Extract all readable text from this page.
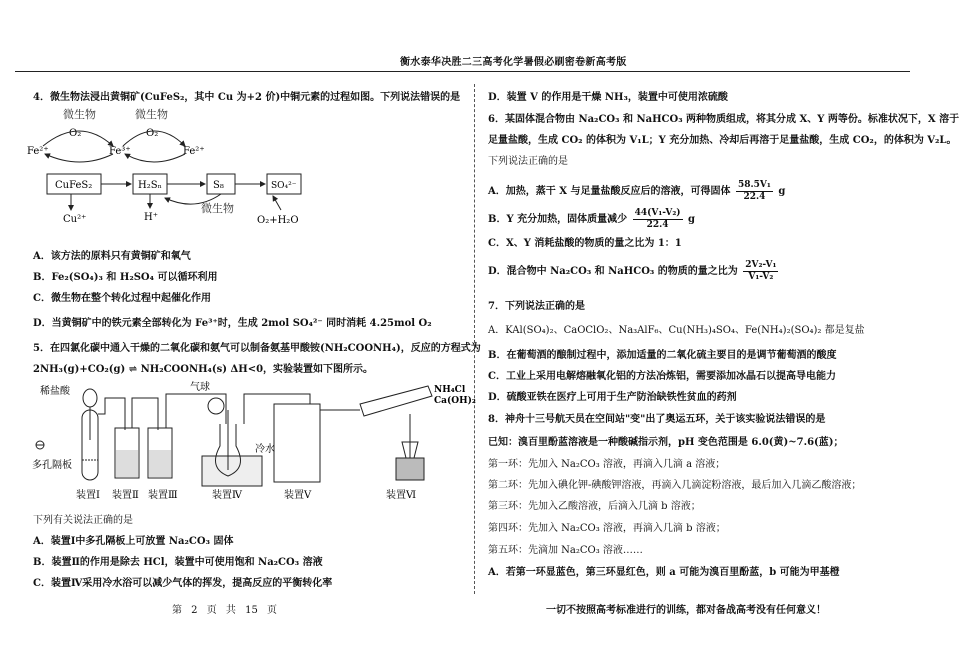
衡水泰华决胜二三高考化学暑假必刷密卷新高考版
4．微生物法浸出黄铜矿(CuFeS₂，其中 Cu 为+2 价)中铜元素的过程如图。下列说法错误的是
微生物	微生物
O₂	O₂
Fe²⁺	Fe³⁺	Fe²⁺
CuFeS₂	H₂Sₙ	S₈	SO₄²⁻
Cu²⁺	H⁺
微生物
O₂+H₂O
A．该方法的原料只有黄铜矿和氧气
B．Fe₂(SO₄)₃ 和 H₂SO₄ 可以循环利用
C．微生物在整个转化过程中起催化作用
D．当黄铜矿中的铁元素全部转化为 Fe³⁺时，生成 2mol SO₄²⁻ 同时消耗 4.25mol O₂
5．在四氯化碳中通入干燥的二氧化碳和氨气可以制备氨基甲酸铵(NH₂COONH₄)，反应的方程式为
2NH₃(g)+CO₂(g) ⇌ NH₂COONH₄(s) ΔH<0，实验装置如下图所示。
稀盐酸
多孔隔板
气球
冷水
NH₄Cl
Ca(OH)₂
装置Ⅰ 装置Ⅱ 装置Ⅲ	装置Ⅳ	装置Ⅴ	装置Ⅵ
下列有关说法正确的是
A．装置Ⅰ中多孔隔板上可放置 Na₂CO₃ 固体
B．装置Ⅱ的作用是除去 HCl，装置中可使用饱和 Na₂CO₃ 溶液
C．装置Ⅳ采用冷水浴可以减少气体的挥发，提高反应的平衡转化率
D．装置 V 的作用是干燥 NH₃，装置中可使用浓硫酸
6．某固体混合物由 Na₂CO₃ 和 NaHCO₃ 两种物质组成，将其分成 X、Y 两等份。标准状况下，X 溶于
足量盐酸，生成 CO₂ 的体积为 V₁L；Y 充分加热、冷却后再溶于足量盐酸，生成 CO₂，的体积为 V₂L。
下列说法正确的是
A．加热，蒸干 X 与足量盐酸反应后的溶液，可得固体 $\frac{\text{58.5V₁}}{22.4}$ g
B．Y 充分加热，固体质量减少 $\frac{\text{44(V₁-V₂)}}{22.4}$ g
C．X、Y 消耗盐酸的物质的量之比为 1：1
D．混合物中 Na₂CO₃ 和 NaHCO₃ 的物质的量之比为 $\frac{\text{2V₂-V₁}}{\text{V₁-V₂}}$
7．下列说法正确的是
A．KAl(SO₄)₂、CaOClO₂、Na₃AlF₆、Cu(NH₃)₄SO₄、Fe(NH₄)₂(SO₄)₂ 都是复盐
B．在葡萄酒的酿制过程中，添加适量的二氧化硫主要目的是调节葡萄酒的酸度
C．工业上采用电解熔融氧化铝的方法冶炼铝，需要添加冰晶石以提高导电能力
D．硫酸亚铁在医疗上可用于生产防治缺铁性贫血的药剂
8．神舟十三号航天员在空间站"变"出了奥运五环，关于该实验说法错误的是
已知：溴百里酚蓝溶液是一种酸碱指示剂，pH 变色范围是 6.0(黄)~7.6(蓝)；
第一环：先加入 Na₂CO₃ 溶液，再滴入几滴 a 溶液；
第二环：先加入碘化钾-碘酸钾溶液，再滴入几滴淀粉溶液，最后加入几滴乙酸溶液；
第三环：先加入乙酸溶液，后滴入几滴 b 溶液；
第四环：先加入 Na₂CO₃ 溶液，再滴入几滴 b 溶液；
第五环：先滴加 Na₂CO₃ 溶液……
A．若第一环显蓝色，第三环显红色，则 a 可能为溴百里酚蓝，b 可能为甲基橙
第 2 页 共 15 页	一切不按照高考标准进行的训练，都对备战高考没有任何意义！
